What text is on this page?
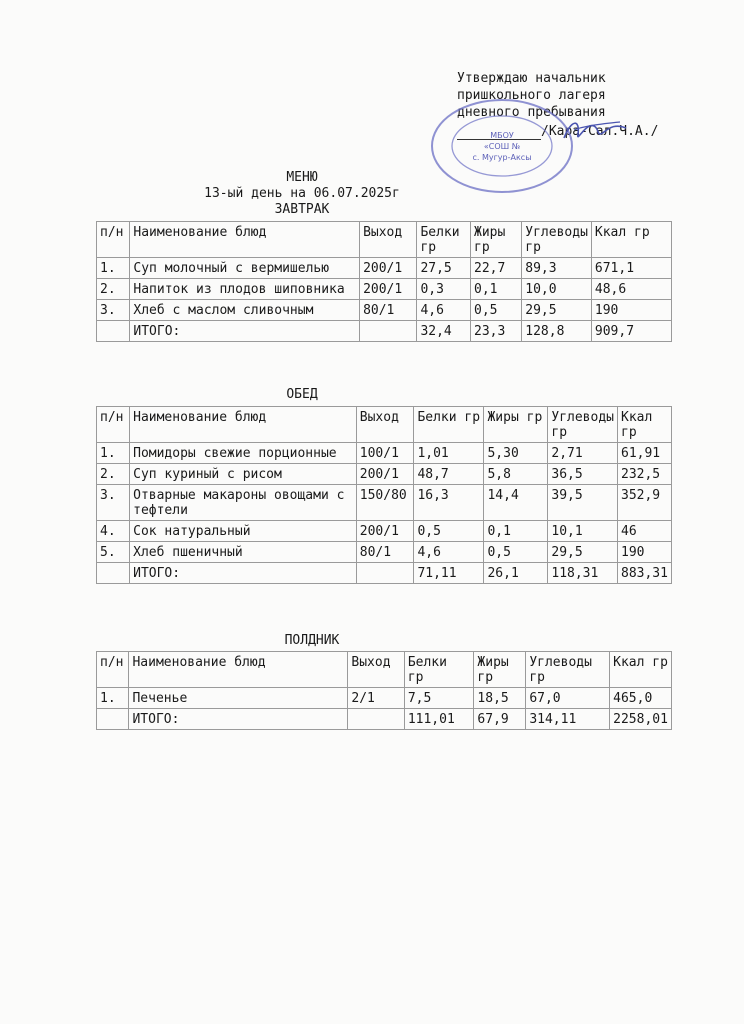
Утверждаю начальник
пришкольного лагеря
дневного пребывания
/Кара-Сал.Ч.А./
МБОУ
«СОШ №
с. Мугур-Аксы
МЕНЮ
13-ый день на 06.07.2025г
ЗАВТРАК
п/н	Наименование блюд	Выход	Белки гр	Жиры гр	Углеводы гр	Ккал гр
1.	Суп молочный с вермишелью	200/1	27,5	22,7	89,3	671,1
2.	Напиток из плодов шиповника	200/1	0,3	0,1	10,0	48,6
3.	Хлеб с маслом сливочным	80/1	4,6	0,5	29,5	190
	ИТОГО:		32,4	23,3	128,8	909,7
ОБЕД
п/н	Наименование блюд	Выход	Белки гр	Жиры гр	Углеводы гр	Ккал гр
1.	Помидоры свежие порционные	100/1	1,01	5,30	2,71	61,91
2.	Суп куриный с рисом	200/1	48,7	5,8	36,5	232,5
3.	Отварные макароны овощами с тефтели	150/80	16,3	14,4	39,5	352,9
4.	Сок натуральный	200/1	0,5	0,1	10,1	46
5.	Хлеб пшеничный	80/1	4,6	0,5	29,5	190
	ИТОГО:		71,11	26,1	118,31	883,31
ПОЛДНИК
п/н	Наименование блюд	Выход	Белки гр	Жиры гр	Углеводы гр	Ккал гр
1.	Печенье	2/1	7,5	18,5	67,0	465,0
	ИТОГО:		111,01	67,9	314,11	2258,01
